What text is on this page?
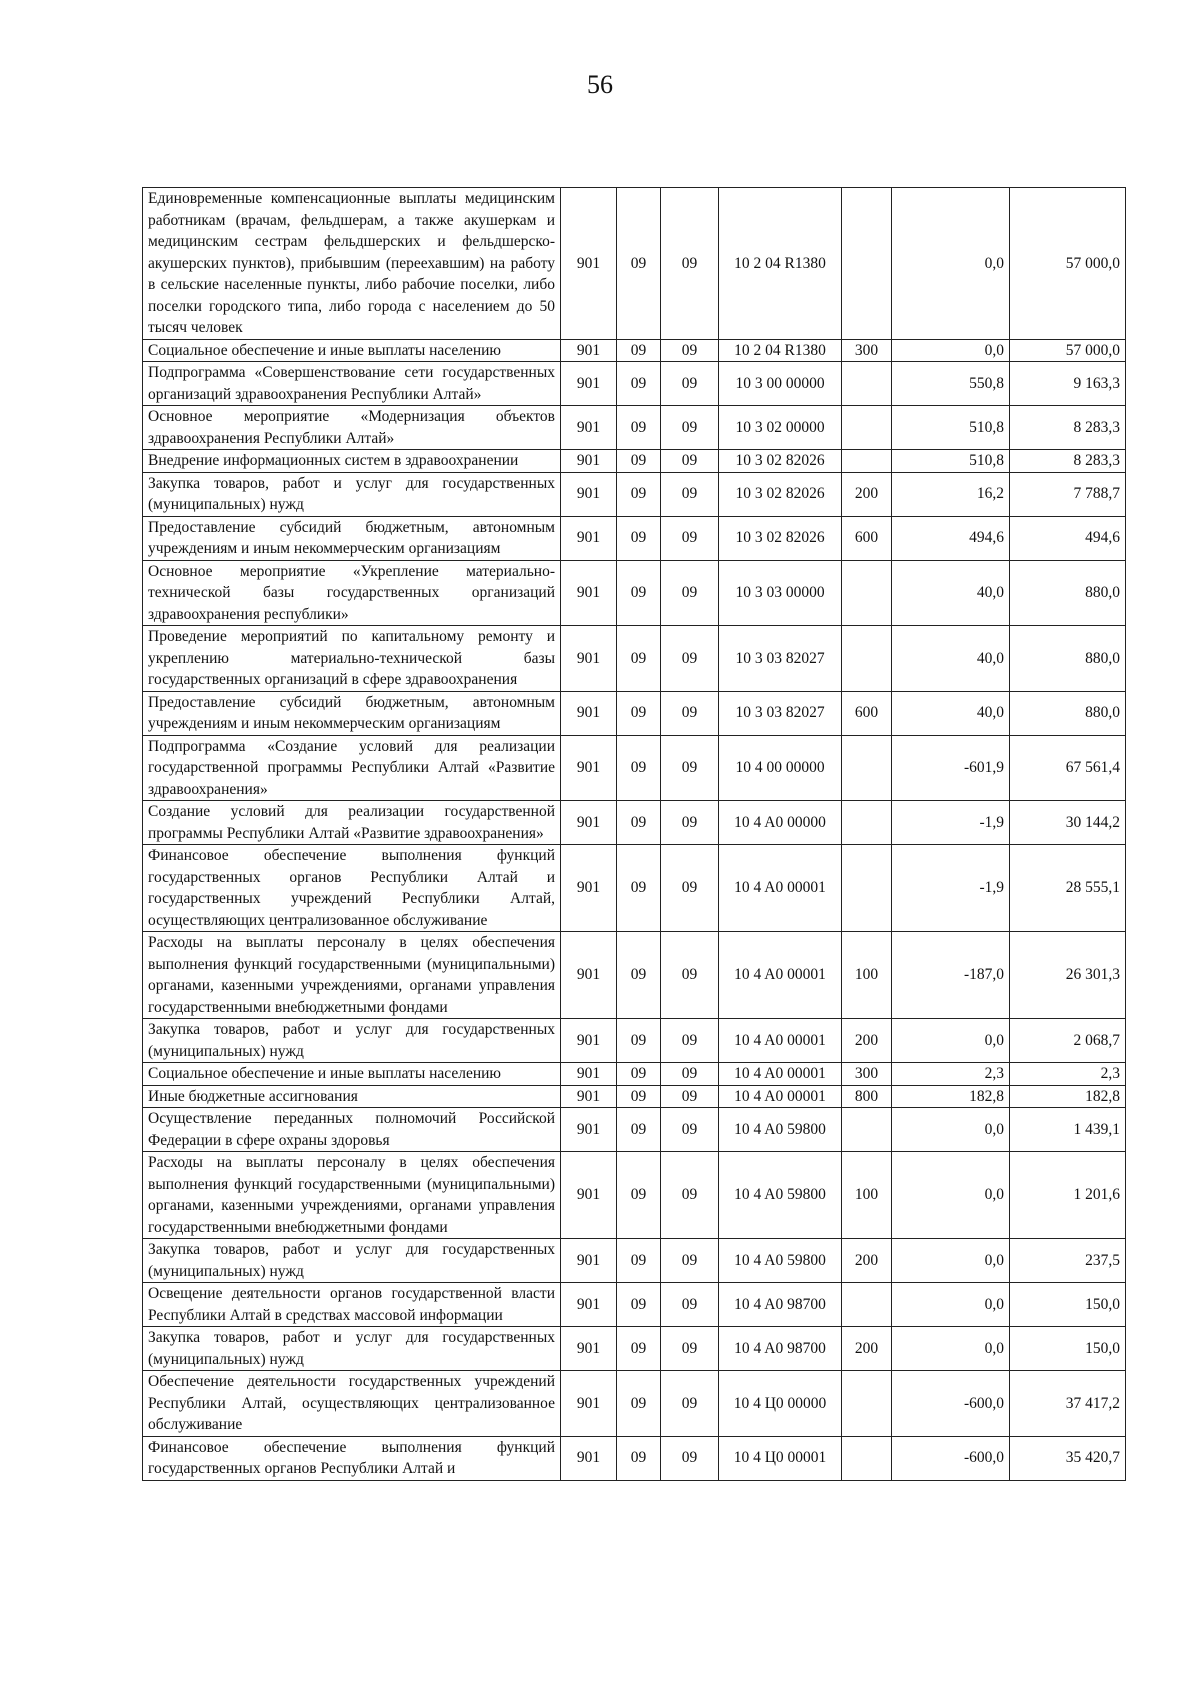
56
Единовременные компенсационные выплаты медицинским работникам (врачам, фельдшерам, а также акушеркам и медицинским сестрам фельдшерских и фельдшерско-акушерских пунктов), прибывшим (переехавшим) на работу в сельские населенные пункты, либо рабочие поселки, либо поселки городского типа, либо города с населением до 50 тысяч человек	901	09	09	10 2 04 R1380		0,0	57 000,0
Социальное обеспечение и иные выплаты населению	901	09	09	10 2 04 R1380	300	0,0	57 000,0
Подпрограмма «Совершенствование сети государственных организаций здравоохранения Республики Алтай»	901	09	09	10 3 00 00000		550,8	9 163,3
Основное мероприятие «Модернизация объектов здравоохранения Республики Алтай»	901	09	09	10 3 02 00000		510,8	8 283,3
Внедрение информационных систем в здравоохранении	901	09	09	10 3 02 82026		510,8	8 283,3
Закупка товаров, работ и услуг для государственных (муниципальных) нужд	901	09	09	10 3 02 82026	200	16,2	7 788,7
Предоставление субсидий бюджетным, автономным учреждениям и иным некоммерческим организациям	901	09	09	10 3 02 82026	600	494,6	494,6
Основное мероприятие «Укрепление материально-технической базы государственных организаций здравоохранения республики»	901	09	09	10 3 03 00000		40,0	880,0
Проведение мероприятий по капитальному ремонту и укреплению материально-технической базы государственных организаций в сфере здравоохранения	901	09	09	10 3 03 82027		40,0	880,0
Предоставление субсидий бюджетным, автономным учреждениям и иным некоммерческим организациям	901	09	09	10 3 03 82027	600	40,0	880,0
Подпрограмма «Создание условий для реализации государственной программы Республики Алтай «Развитие здравоохранения»	901	09	09	10 4 00 00000		-601,9	67 561,4
Создание условий для реализации государственной программы Республики Алтай «Развитие здравоохранения»	901	09	09	10 4 A0 00000		-1,9	30 144,2
Финансовое обеспечение выполнения функций государственных органов Республики Алтай и государственных учреждений Республики Алтай, осуществляющих централизованное обслуживание	901	09	09	10 4 A0 00001		-1,9	28 555,1
Расходы на выплаты персоналу в целях обеспечения выполнения функций государственными (муниципальными) органами, казенными учреждениями, органами управления государственными внебюджетными фондами	901	09	09	10 4 A0 00001	100	-187,0	26 301,3
Закупка товаров, работ и услуг для государственных (муниципальных) нужд	901	09	09	10 4 A0 00001	200	0,0	2 068,7
Социальное обеспечение и иные выплаты населению	901	09	09	10 4 A0 00001	300	2,3	2,3
Иные бюджетные ассигнования	901	09	09	10 4 A0 00001	800	182,8	182,8
Осуществление переданных полномочий Российской Федерации в сфере охраны здоровья	901	09	09	10 4 A0 59800		0,0	1 439,1
Расходы на выплаты персоналу в целях обеспечения выполнения функций государственными (муниципальными) органами, казенными учреждениями, органами управления государственными внебюджетными фондами	901	09	09	10 4 A0 59800	100	0,0	1 201,6
Закупка товаров, работ и услуг для государственных (муниципальных) нужд	901	09	09	10 4 A0 59800	200	0,0	237,5
Освещение деятельности органов государственной власти Республики Алтай в средствах массовой информации	901	09	09	10 4 A0 98700		0,0	150,0
Закупка товаров, работ и услуг для государственных (муниципальных) нужд	901	09	09	10 4 A0 98700	200	0,0	150,0
Обеспечение деятельности государственных учреждений Республики Алтай, осуществляющих централизованное обслуживание	901	09	09	10 4 Ц0 00000		-600,0	37 417,2
Финансовое обеспечение выполнения функций государственных органов Республики Алтай и	901	09	09	10 4 Ц0 00001		-600,0	35 420,7
